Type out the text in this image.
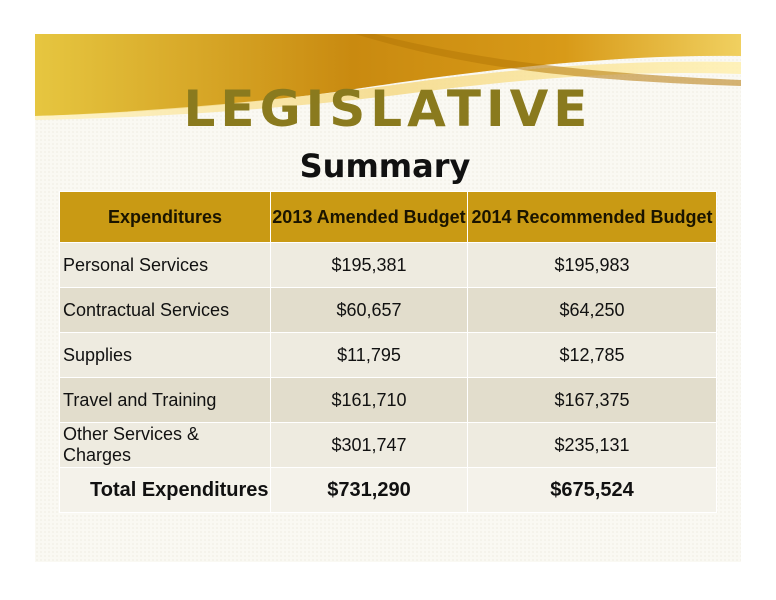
LEGISLATIVE
Summary
Expenditures	2013 Amended Budget	2014 Recommended Budget
Personal Services	$195,381	$195,983
Contractual Services	$60,657	$64,250
Supplies	$11,795	$12,785
Travel and Training	$161,710	$167,375
Other Services & Charges	$301,747	$235,131
Total Expenditures	$731,290	$675,524
